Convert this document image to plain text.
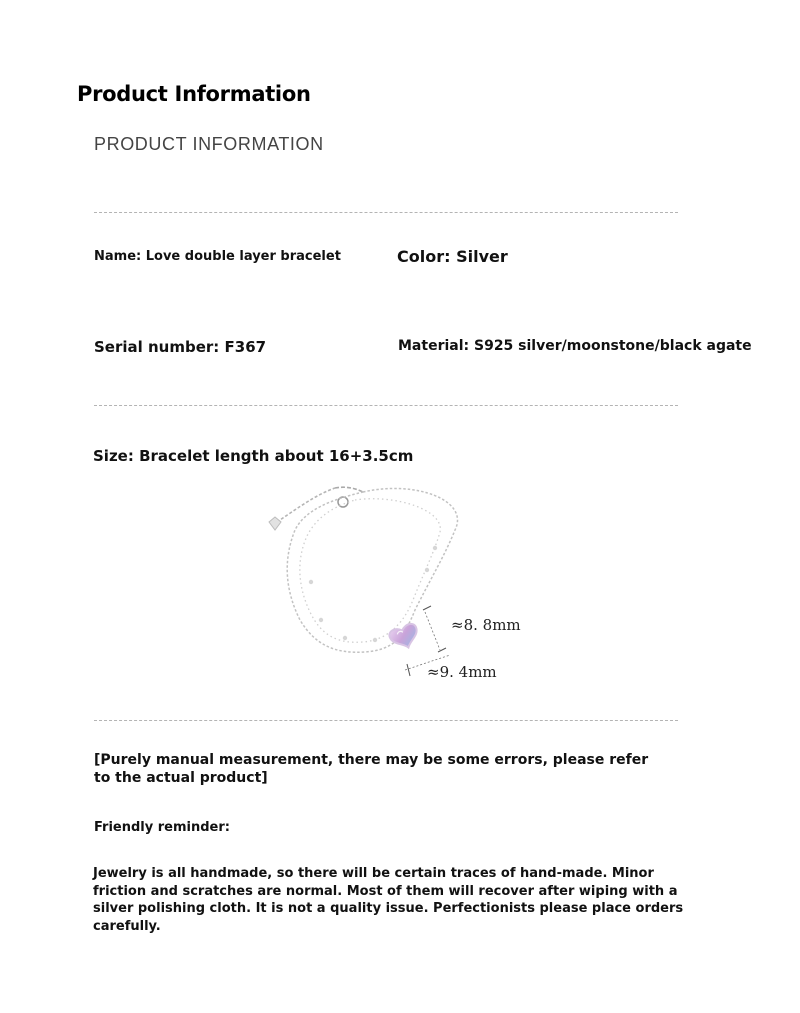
Product Information
PRODUCT INFORMATION
Name: Love double layer bracelet	Color: Silver
Serial number: F367	Material: S925 silver/moonstone/black agate
Size: Bracelet length about 16+3.5cm
≈8. 8mm
≈9. 4mm
[Purely manual measurement, there may be some errors, please refer to the actual product]
Friendly reminder:
Jewelry is all handmade, so there will be certain traces of hand-made. Minor friction and scratches are normal. Most of them will recover after wiping with a silver polishing cloth. It is not a quality issue. Perfectionists please place orders carefully.
